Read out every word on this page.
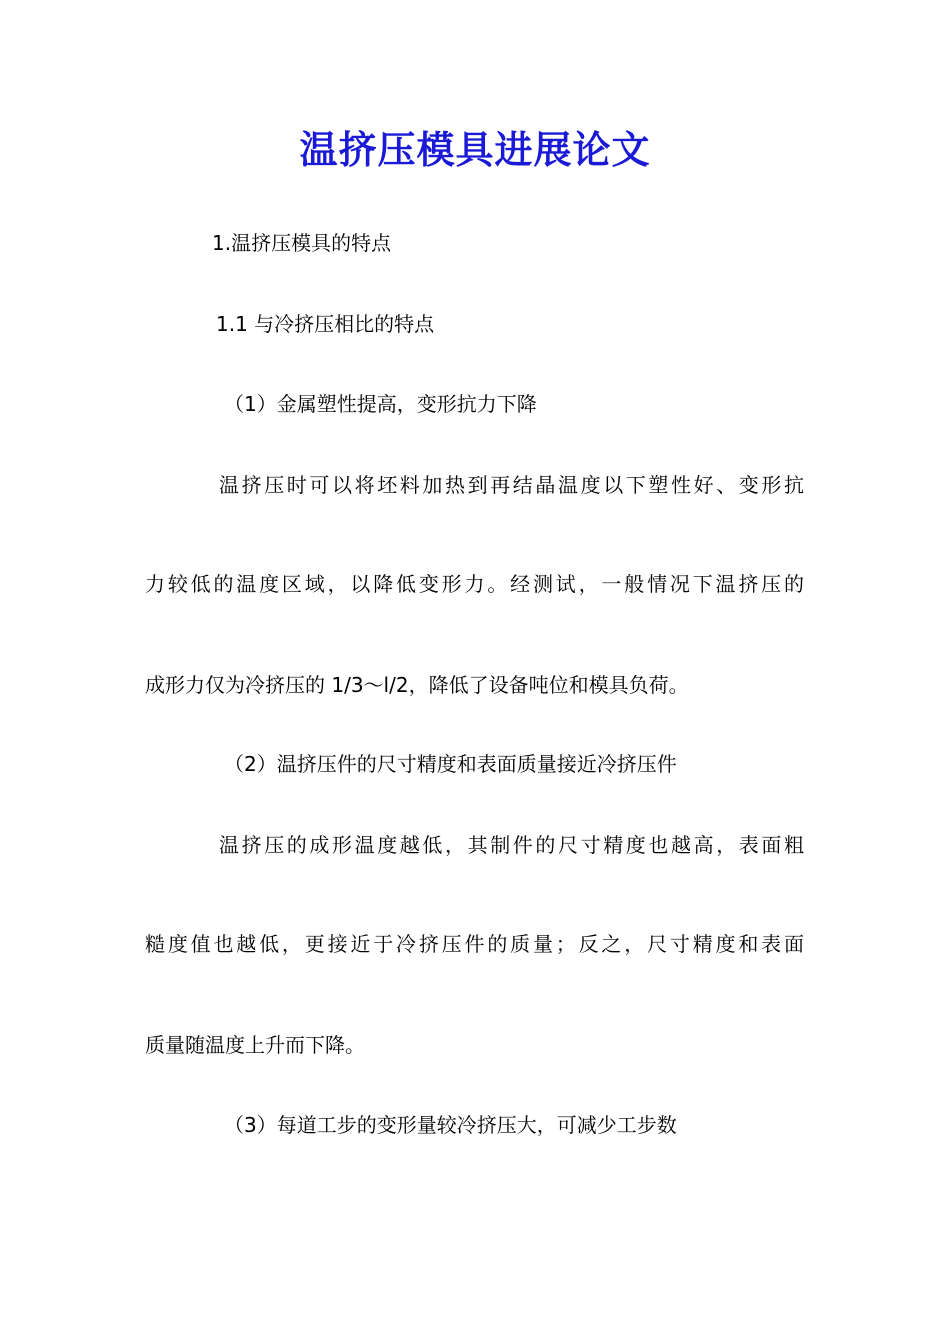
温挤压模具进展论文
1.温挤压模具的特点
1.1 与冷挤压相比的特点
（1）金属塑性提高，变形抗力下降
温挤压时可以将坯料加热到再结晶温度以下塑性好、变形抗
力较低的温度区域，以降低变形力。经测试，一般情况下温挤压的
成形力仅为冷挤压的 1/3～l/2，降低了设备吨位和模具负荷。
（2）温挤压件的尺寸精度和表面质量接近冷挤压件
温挤压的成形温度越低，其制件的尺寸精度也越高，表面粗
糙度值也越低，更接近于冷挤压件的质量；反之，尺寸精度和表面
质量随温度上升而下降。
（3）每道工步的变形量较冷挤压大，可减少工步数
